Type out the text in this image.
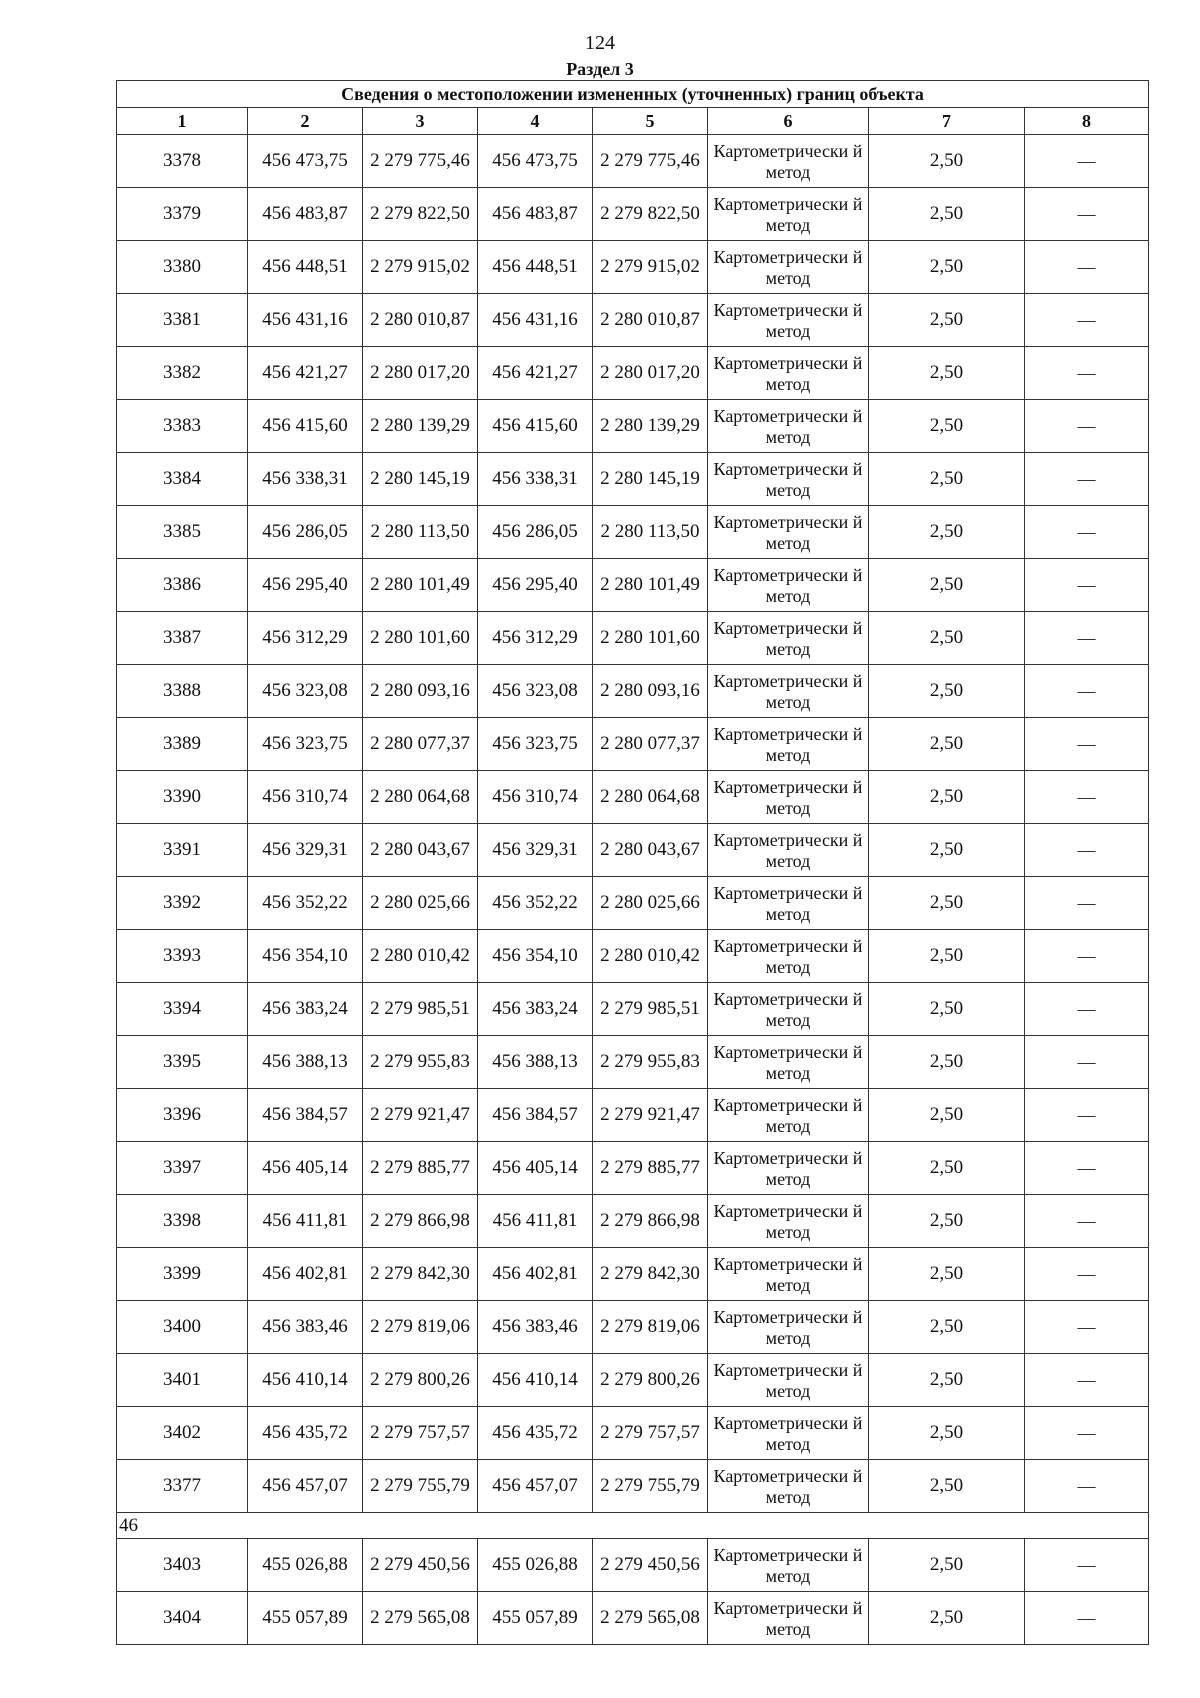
124
Раздел 3
Сведения о местоположении измененных (уточненных) границ объекта							
1	2	3	4	5	6	7	8
3378	456 473,75	2 279 775,46	456 473,75	2 279 775,46	Картометрически й метод	2,50	—
3379	456 483,87	2 279 822,50	456 483,87	2 279 822,50	Картометрически й метод	2,50	—
3380	456 448,51	2 279 915,02	456 448,51	2 279 915,02	Картометрически й метод	2,50	—
3381	456 431,16	2 280 010,87	456 431,16	2 280 010,87	Картометрически й метод	2,50	—
3382	456 421,27	2 280 017,20	456 421,27	2 280 017,20	Картометрически й метод	2,50	—
3383	456 415,60	2 280 139,29	456 415,60	2 280 139,29	Картометрически й метод	2,50	—
3384	456 338,31	2 280 145,19	456 338,31	2 280 145,19	Картометрически й метод	2,50	—
3385	456 286,05	2 280 113,50	456 286,05	2 280 113,50	Картометрически й метод	2,50	—
3386	456 295,40	2 280 101,49	456 295,40	2 280 101,49	Картометрически й метод	2,50	—
3387	456 312,29	2 280 101,60	456 312,29	2 280 101,60	Картометрически й метод	2,50	—
3388	456 323,08	2 280 093,16	456 323,08	2 280 093,16	Картометрически й метод	2,50	—
3389	456 323,75	2 280 077,37	456 323,75	2 280 077,37	Картометрически й метод	2,50	—
3390	456 310,74	2 280 064,68	456 310,74	2 280 064,68	Картометрически й метод	2,50	—
3391	456 329,31	2 280 043,67	456 329,31	2 280 043,67	Картометрически й метод	2,50	—
3392	456 352,22	2 280 025,66	456 352,22	2 280 025,66	Картометрически й метод	2,50	—
3393	456 354,10	2 280 010,42	456 354,10	2 280 010,42	Картометрически й метод	2,50	—
3394	456 383,24	2 279 985,51	456 383,24	2 279 985,51	Картометрически й метод	2,50	—
3395	456 388,13	2 279 955,83	456 388,13	2 279 955,83	Картометрически й метод	2,50	—
3396	456 384,57	2 279 921,47	456 384,57	2 279 921,47	Картометрически й метод	2,50	—
3397	456 405,14	2 279 885,77	456 405,14	2 279 885,77	Картометрически й метод	2,50	—
3398	456 411,81	2 279 866,98	456 411,81	2 279 866,98	Картометрически й метод	2,50	—
3399	456 402,81	2 279 842,30	456 402,81	2 279 842,30	Картометрически й метод	2,50	—
3400	456 383,46	2 279 819,06	456 383,46	2 279 819,06	Картометрически й метод	2,50	—
3401	456 410,14	2 279 800,26	456 410,14	2 279 800,26	Картометрически й метод	2,50	—
3402	456 435,72	2 279 757,57	456 435,72	2 279 757,57	Картометрически й метод	2,50	—
3377	456 457,07	2 279 755,79	456 457,07	2 279 755,79	Картометрически й метод	2,50	—
46							
3403	455 026,88	2 279 450,56	455 026,88	2 279 450,56	Картометрически й метод	2,50	—
3404	455 057,89	2 279 565,08	455 057,89	2 279 565,08	Картометрически й метод	2,50	—
